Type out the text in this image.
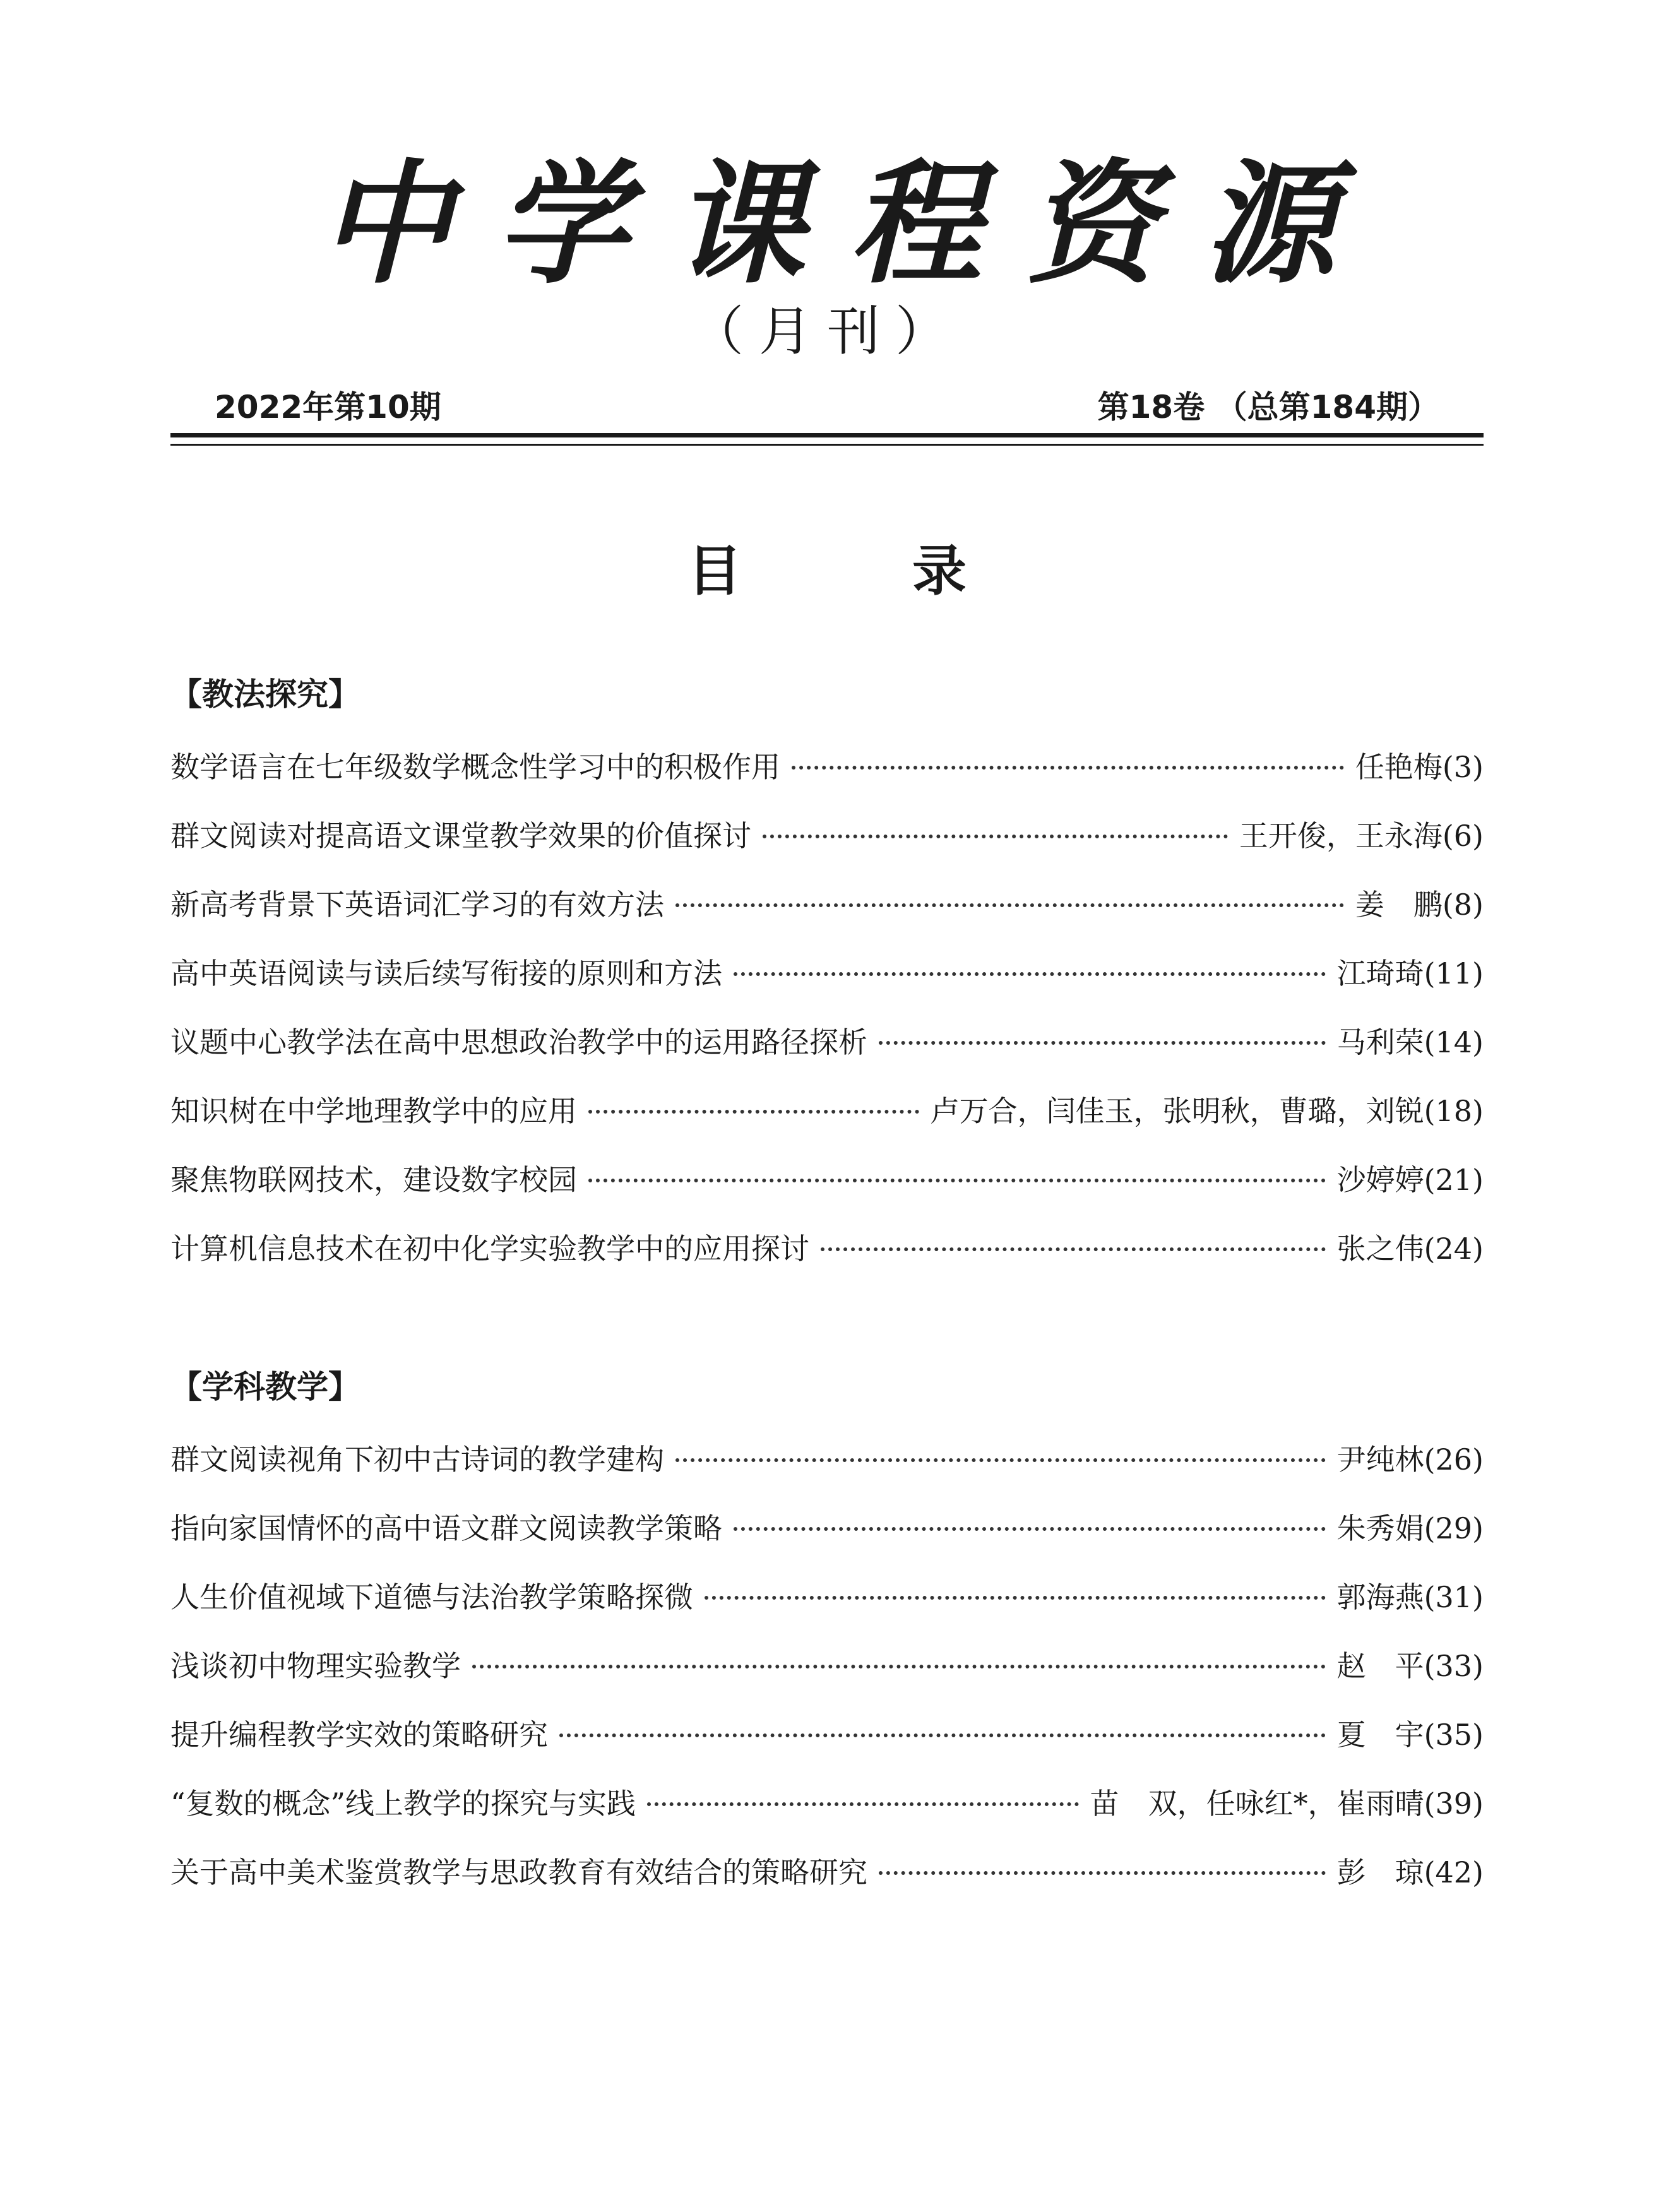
中学课程资源
（月刊）
2022年第10期	第18卷 （总第184期）
目	录
【教法探究】
数学语言在七年级数学概念性学习中的积极作用	任艳梅 (3)
群文阅读对提高语文课堂教学效果的价值探讨	王开俊，王永海 (6)
新高考背景下英语词汇学习的有效方法	姜　鹏 (8)
高中英语阅读与读后续写衔接的原则和方法	江琦琦 (11)
议题中心教学法在高中思想政治教学中的运用路径探析	马利荣 (14)
知识树在中学地理教学中的应用	卢万合，闫佳玉，张明秋，曹璐，刘锐 (18)
聚焦物联网技术，建设数字校园	沙婷婷 (21)
计算机信息技术在初中化学实验教学中的应用探讨	张之伟 (24)
【学科教学】
群文阅读视角下初中古诗词的教学建构	尹纯林 (26)
指向家国情怀的高中语文群文阅读教学策略	朱秀娟 (29)
人生价值视域下道德与法治教学策略探微	郭海燕 (31)
浅谈初中物理实验教学	赵　平 (33)
提升编程教学实效的策略研究	夏　宇 (35)
“复数的概念”线上教学的探究与实践	苗　双，任咏红*，崔雨晴 (39)
关于高中美术鉴赏教学与思政教育有效结合的策略研究	彭　琼 (42)
